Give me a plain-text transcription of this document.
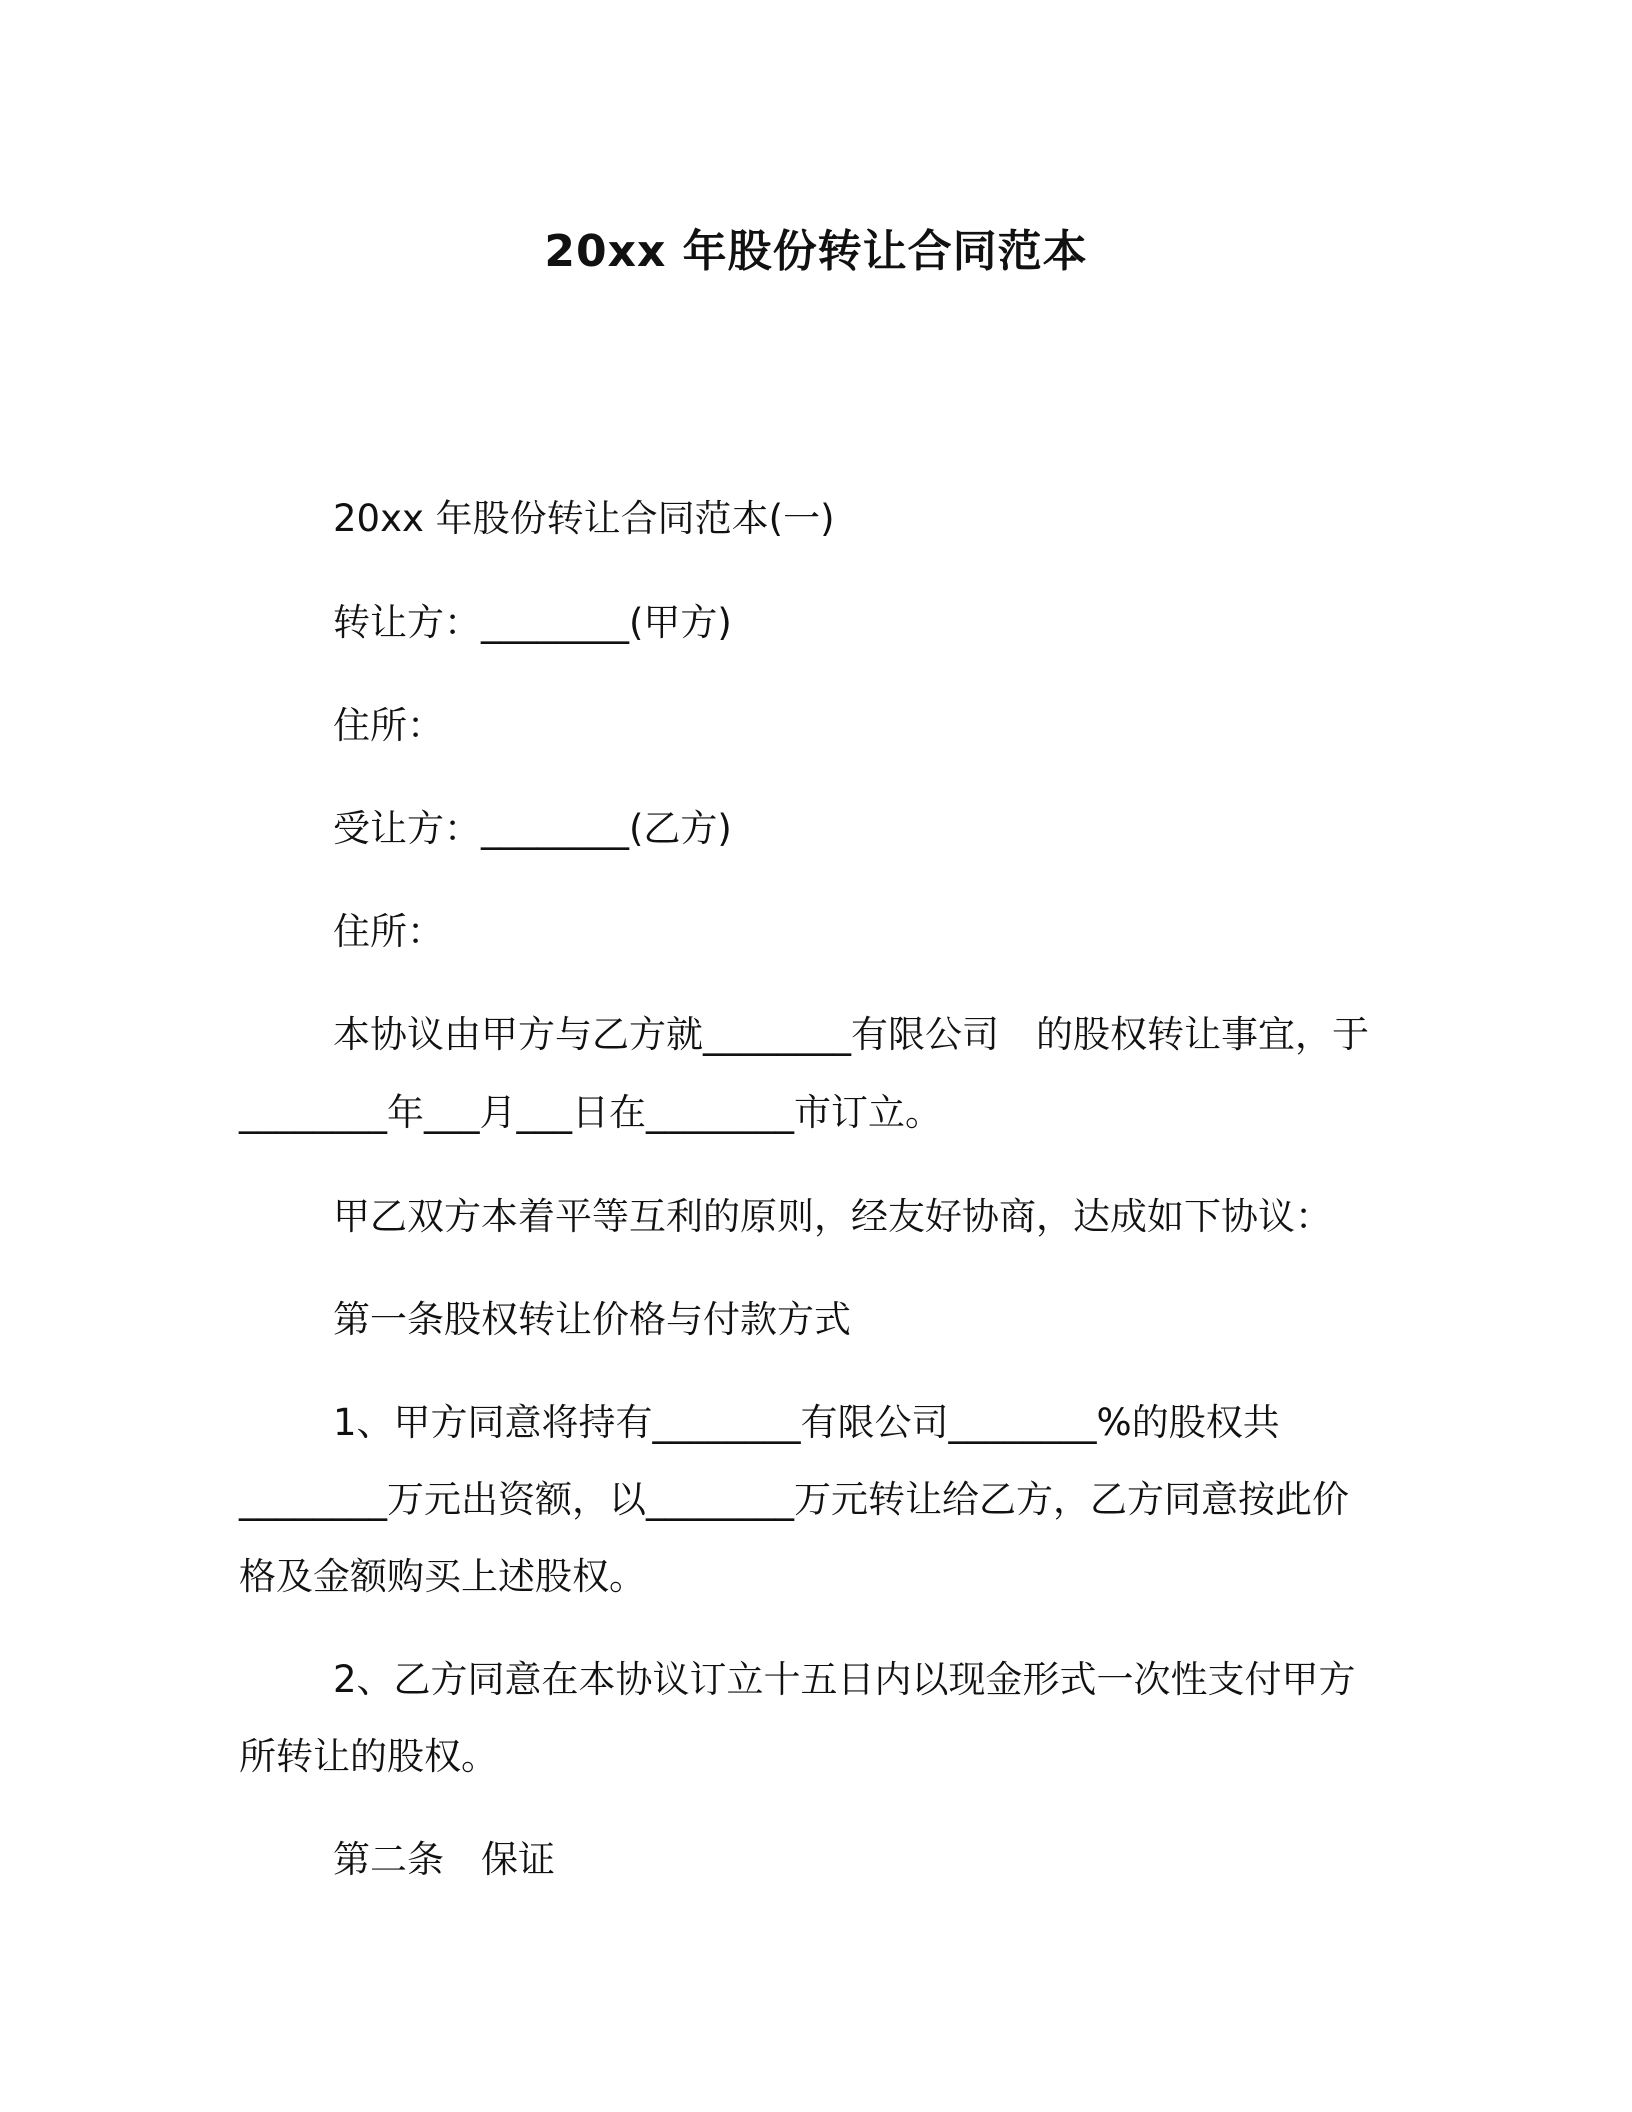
20xx 年股份转让合同范本
20xx 年股份转让合同范本(一)
转让方：________(甲方)
住所：
受让方：________(乙方)
住所：
本协议由甲方与乙方就________有限公司　的股权转让事宜，于
________年___月___日在________市订立。
甲乙双方本着平等互利的原则，经友好协商，达成如下协议：
第一条股权转让价格与付款方式
1、甲方同意将持有________有限公司________%的股权共
________万元出资额，以________万元转让给乙方，乙方同意按此价
格及金额购买上述股权。
2、乙方同意在本协议订立十五日内以现金形式一次性支付甲方
所转让的股权。
第二条　保证
